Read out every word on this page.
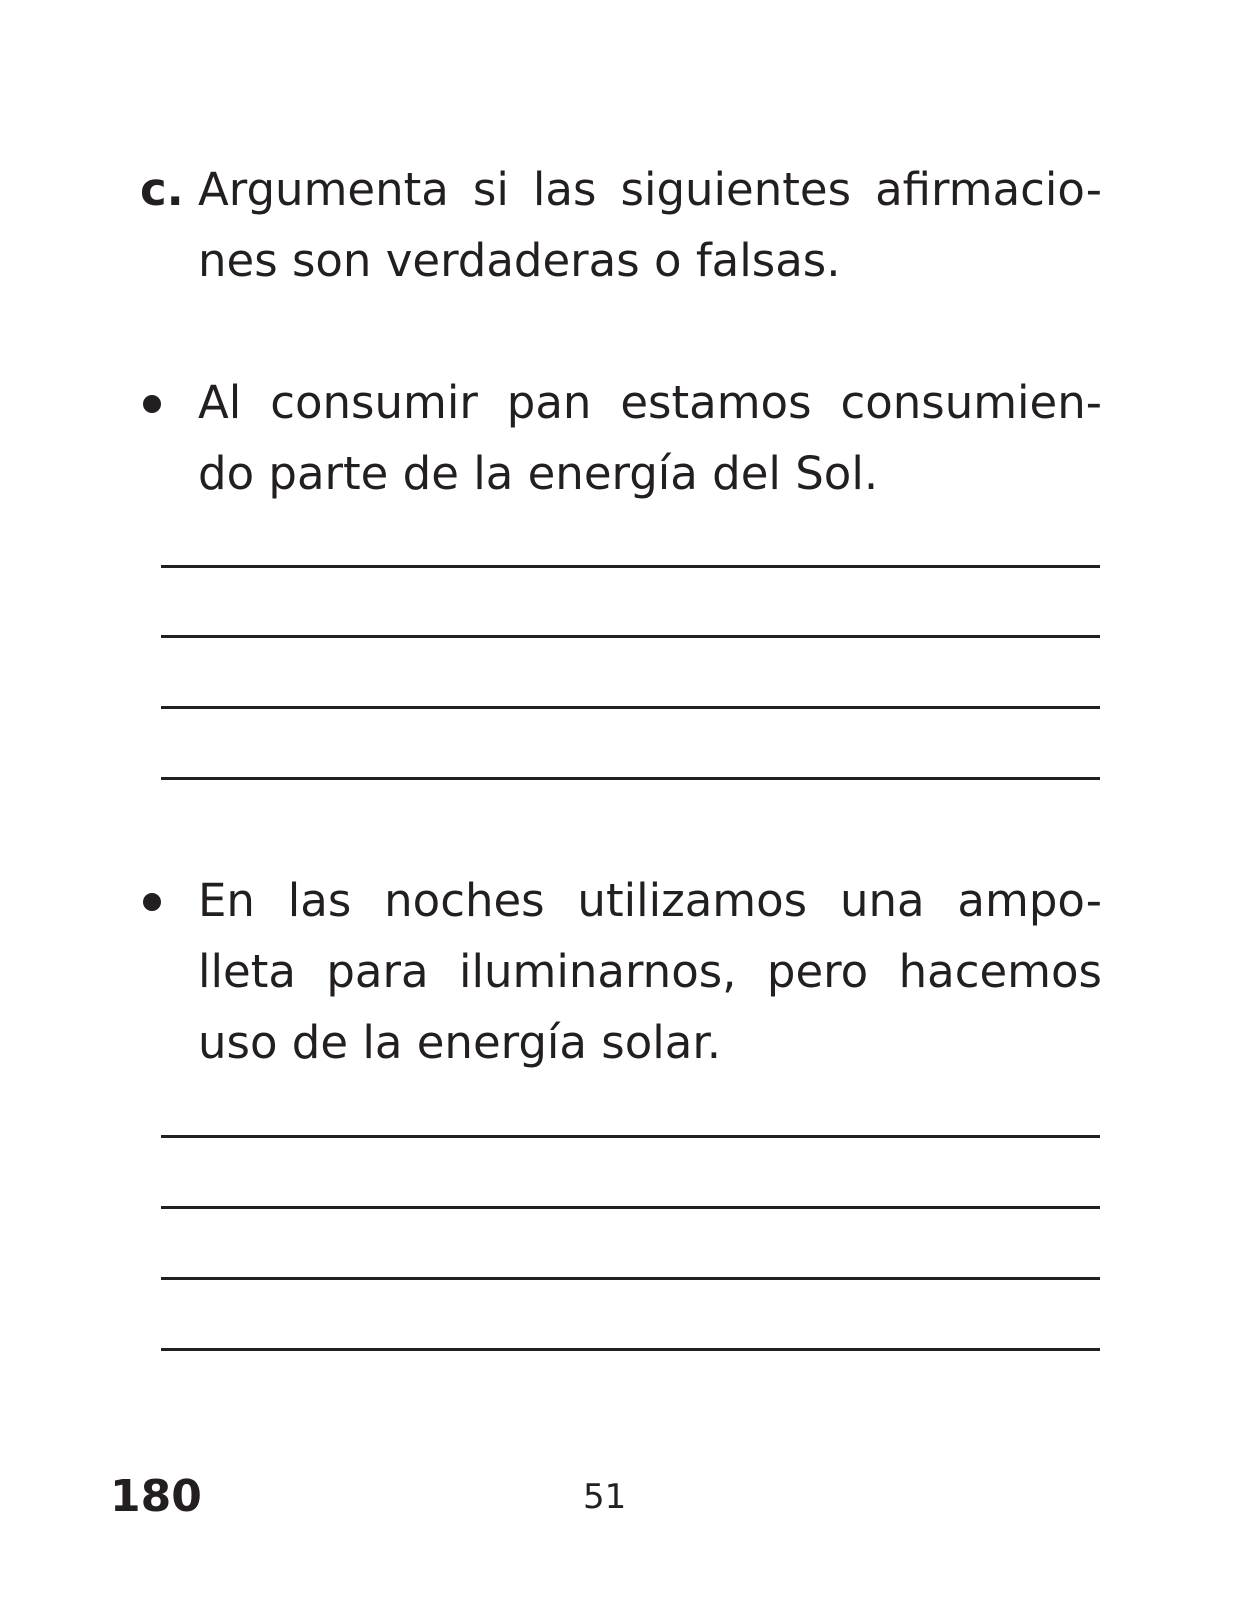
c. Argumenta si las siguientes afirmacio-
nes son verdaderas o falsas.
Al consumir pan estamos consumien-
do parte de la energía del Sol.
En las noches utilizamos una ampo-
lleta para iluminarnos, pero hacemos
uso de la energía solar.
180	51
